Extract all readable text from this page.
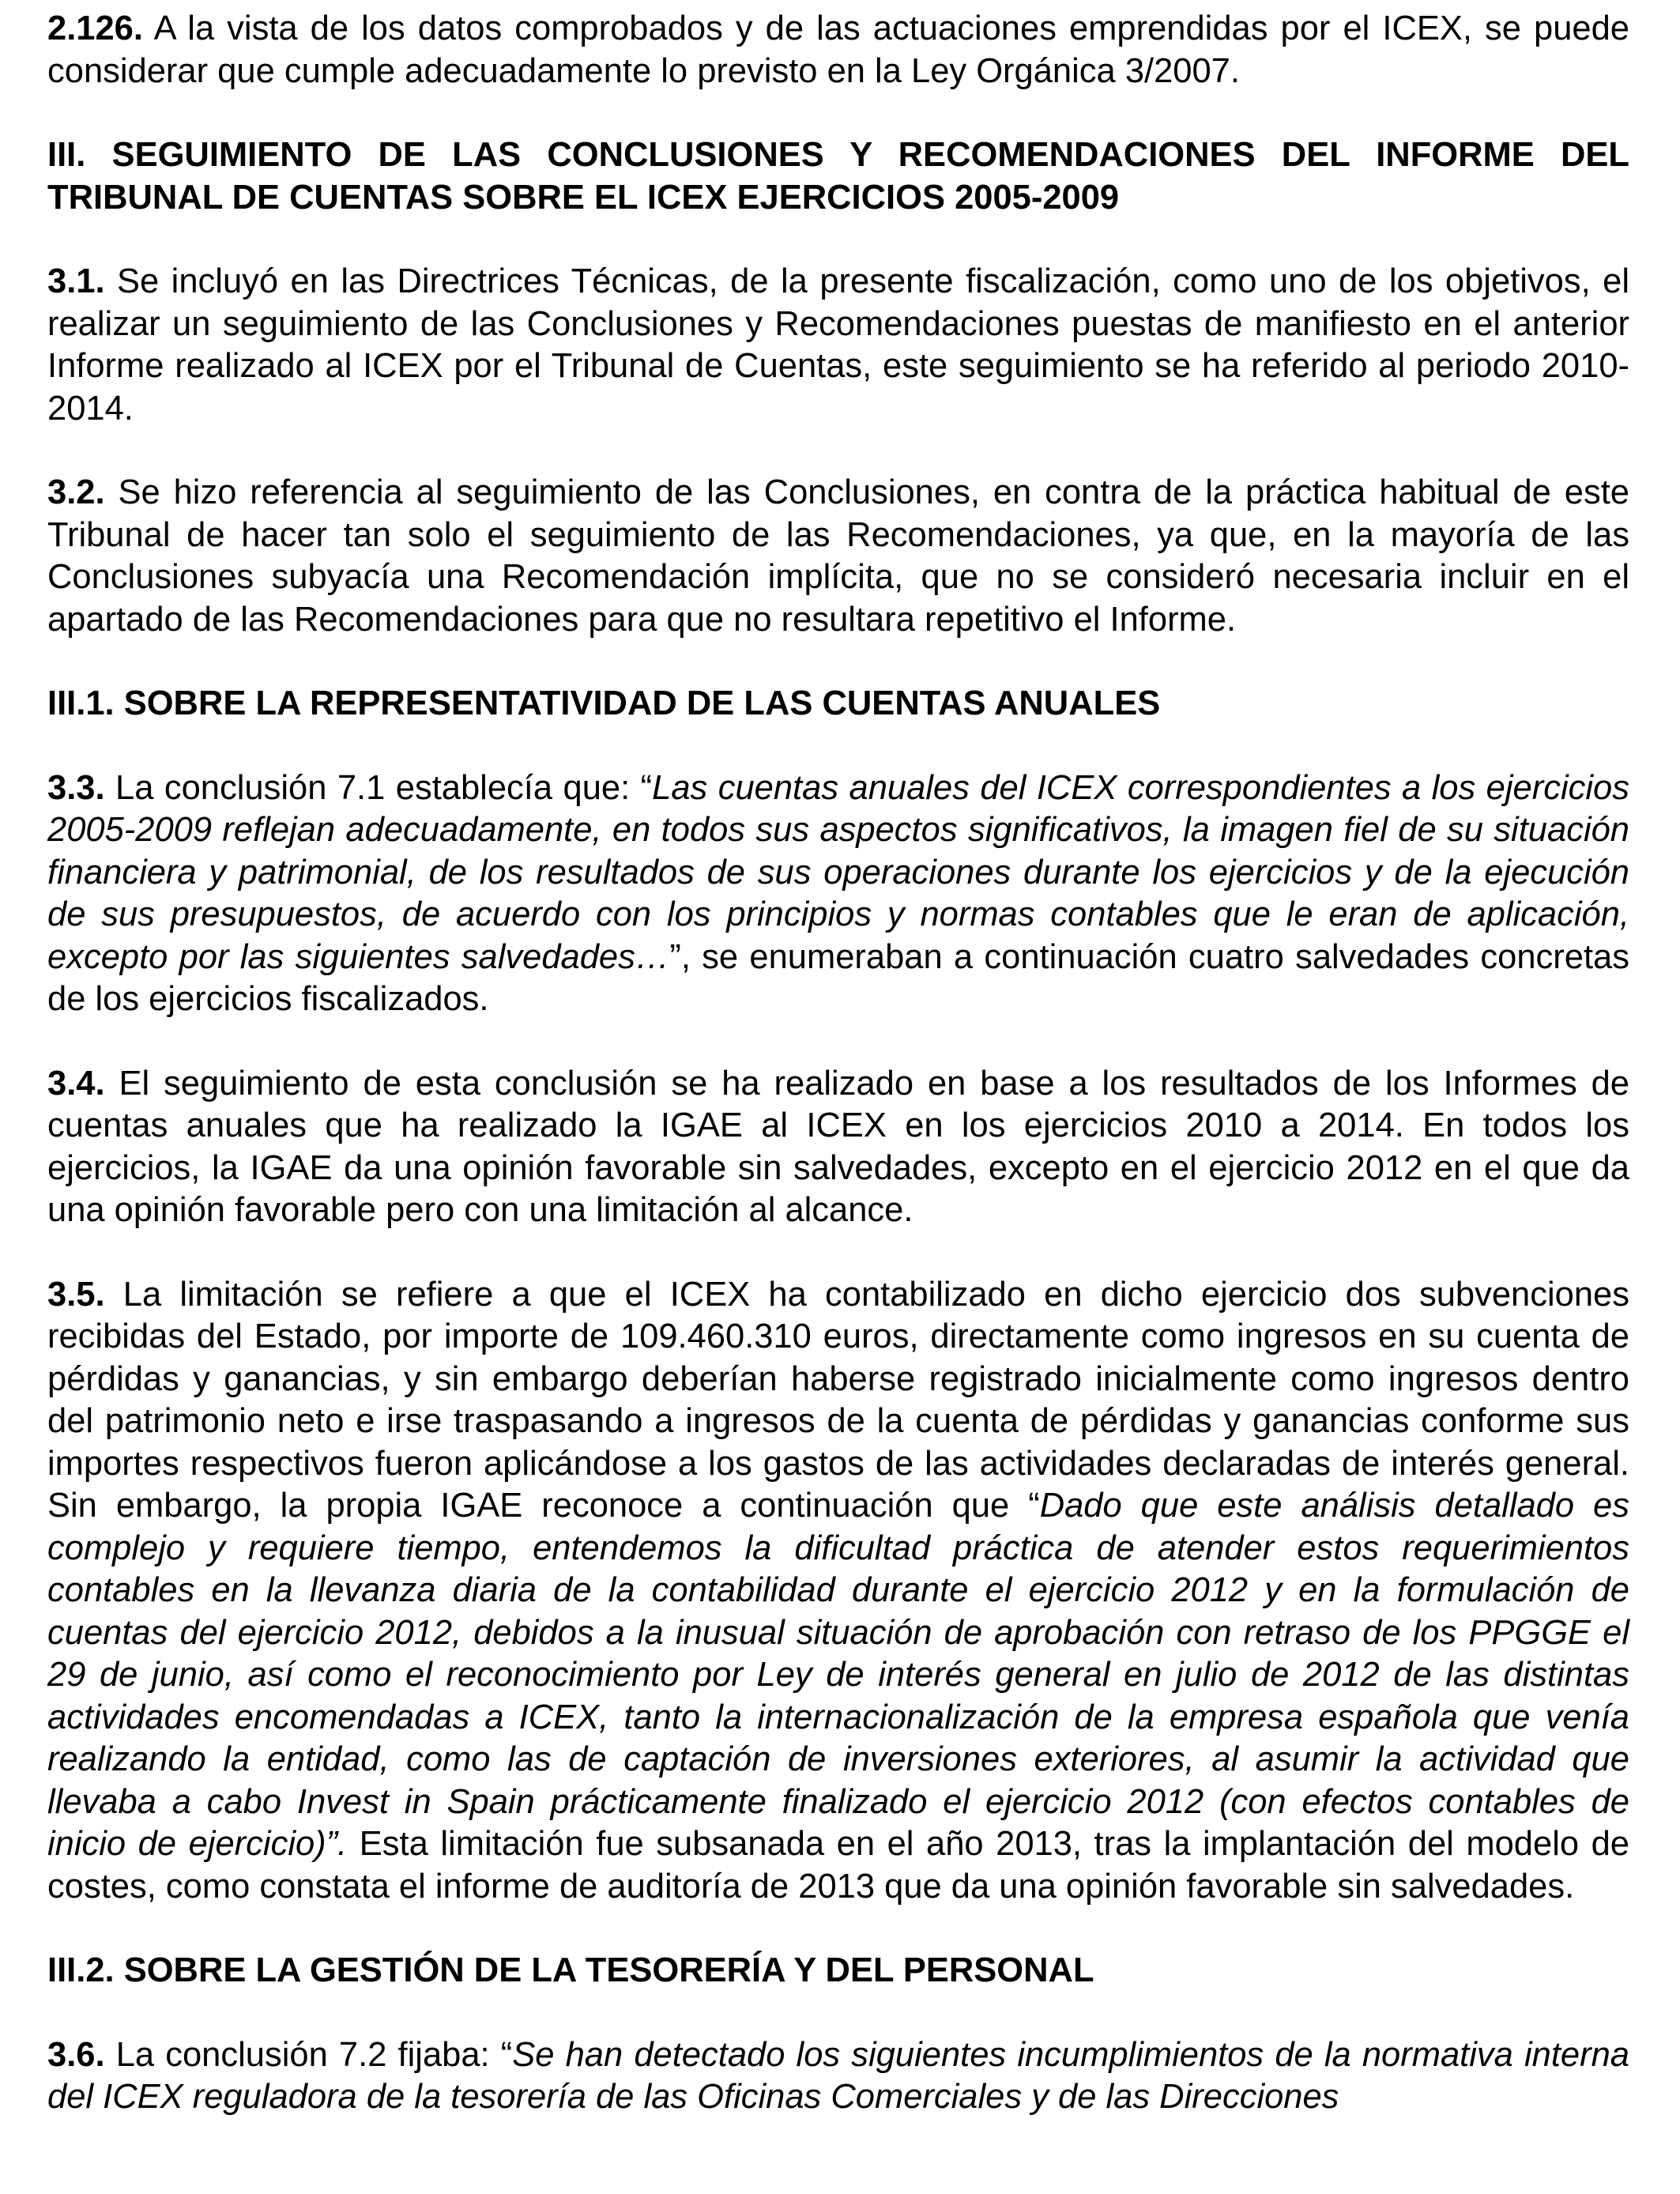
2.126. A la vista de los datos comprobados y de las actuaciones emprendidas por el ICEX, se puede considerar que cumple adecuadamente lo previsto en la Ley Orgánica 3/2007.

III. SEGUIMIENTO DE LAS CONCLUSIONES Y RECOMENDACIONES DEL INFORME DEL TRIBUNAL DE CUENTAS SOBRE EL ICEX EJERCICIOS 2005-2009

3.1. Se incluyó en las Directrices Técnicas, de la presente fiscalización, como uno de los objetivos, el realizar un seguimiento de las Conclusiones y Recomendaciones puestas de manifiesto en el anterior Informe realizado al ICEX por el Tribunal de Cuentas, este seguimiento se ha referido al periodo 2010-2014.

3.2. Se hizo referencia al seguimiento de las Conclusiones, en contra de la práctica habitual de este Tribunal de hacer tan solo el seguimiento de las Recomendaciones, ya que, en la mayoría de las Conclusiones subyacía una Recomendación implícita, que no se consideró necesaria incluir en el apartado de las Recomendaciones para que no resultara repetitivo el Informe.

III.1. SOBRE LA REPRESENTATIVIDAD DE LAS CUENTAS ANUALES

3.3. La conclusión 7.1 establecía que: “Las cuentas anuales del ICEX correspondientes a los ejercicios 2005-2009 reflejan adecuadamente, en todos sus aspectos significativos, la imagen fiel de su situación financiera y patrimonial, de los resultados de sus operaciones durante los ejercicios y de la ejecución de sus presupuestos, de acuerdo con los principios y normas contables que le eran de aplicación, excepto por las siguientes salvedades…”, se enumeraban a continuación cuatro salvedades concretas de los ejercicios fiscalizados.

3.4. El seguimiento de esta conclusión se ha realizado en base a los resultados de los Informes de cuentas anuales que ha realizado la IGAE al ICEX en los ejercicios 2010 a 2014. En todos los ejercicios, la IGAE da una opinión favorable sin salvedades, excepto en el ejercicio 2012 en el que da una opinión favorable pero con una limitación al alcance.

3.5. La limitación se refiere a que el ICEX ha contabilizado en dicho ejercicio dos subvenciones recibidas del Estado, por importe de 109.460.310 euros, directamente como ingresos en su cuenta de pérdidas y ganancias, y sin embargo deberían haberse registrado inicialmente como ingresos dentro del patrimonio neto e irse traspasando a ingresos de la cuenta de pérdidas y ganancias conforme sus importes respectivos fueron aplicándose a los gastos de las actividades declaradas de interés general. Sin embargo, la propia IGAE reconoce a continuación que “Dado que este análisis detallado es complejo y requiere tiempo, entendemos la dificultad práctica de atender estos requerimientos contables en la llevanza diaria de la contabilidad durante el ejercicio 2012 y en la formulación de cuentas del ejercicio 2012, debidos a la inusual situación de aprobación con retraso de los PPGGE el 29 de junio, así como el reconocimiento por Ley de interés general en julio de 2012 de las distintas actividades encomendadas a ICEX, tanto la internacionalización de la empresa española que venía realizando la entidad, como las de captación de inversiones exteriores, al asumir la actividad que llevaba a cabo Invest in Spain prácticamente finalizado el ejercicio 2012 (con efectos contables de inicio de ejercicio)”. Esta limitación fue subsanada en el año 2013, tras la implantación del modelo de costes, como constata el informe de auditoría de 2013 que da una opinión favorable sin salvedades.

III.2. SOBRE LA GESTIÓN DE LA TESORERÍA Y DEL PERSONAL

3.6. La conclusión 7.2 fijaba: “Se han detectado los siguientes incumplimientos de la normativa interna del ICEX reguladora de la tesorería de las Oficinas Comerciales y de las Direcciones
